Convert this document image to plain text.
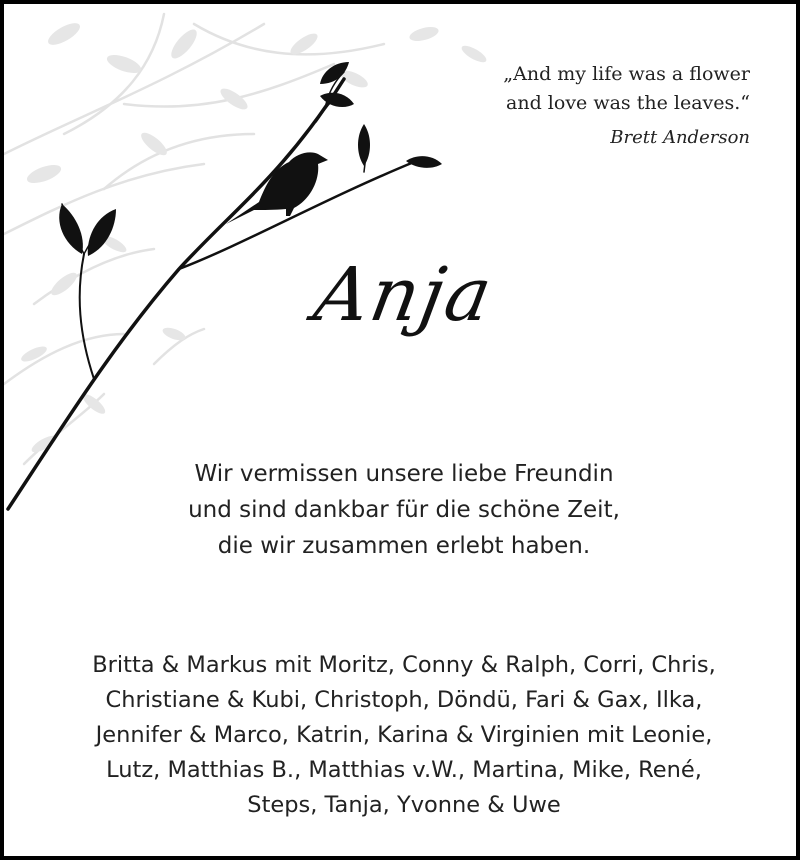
„And my life was a flower
and love was the leaves.“
Brett Anderson
Anja
Wir vermissen unsere liebe Freundin
und sind dankbar für die schöne Zeit,
die wir zusammen erlebt haben.
Britta & Markus mit Moritz, Conny & Ralph, Corri, Chris,
Christiane & Kubi, Christoph, Döndü, Fari & Gax, Ilka,
Jennifer & Marco, Katrin, Karina & Virginien mit Leonie,
Lutz, Matthias B., Matthias v.W., Martina, Mike, René,
Steps, Tanja, Yvonne & Uwe
